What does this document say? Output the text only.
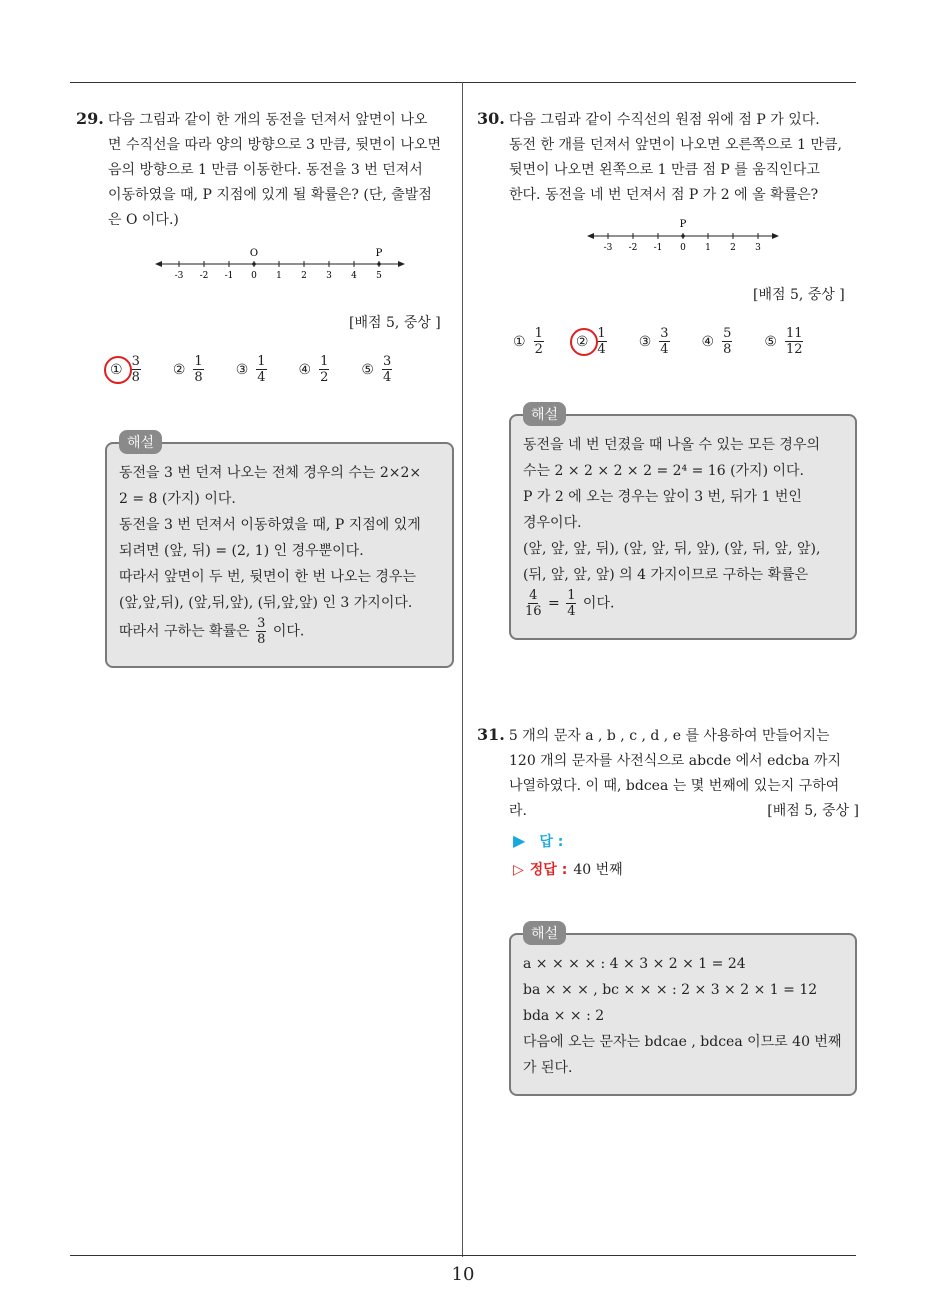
10
29. 다음 그림과 같이 한 개의 동전을 던져서 앞면이 나오
면 수직선을 따라 양의 방향으로 3 만큼, 뒷면이 나오면
음의 방향으로 1 만큼 이동한다. 동전을 3 번 던져서
이동하였을 때, P 지점에 있게 될 확률은? (단, 출발점
은 O 이다.)
-3 -2 -1 0 1 2 3 4 5
O	P
[배점 5, 중상 ]
① $\frac{3}{8}$ ② $\frac{1}{8}$ ③ $\frac{1}{4}$ ④ $\frac{1}{2}$ ⑤ $\frac{3}{4}$
해설
동전을 3 번 던져 나오는 전체 경우의 수는 2×2×
2 = 8 (가지) 이다.
동전을 3 번 던져서 이동하였을 때, P 지점에 있게
되려면 (앞, 뒤) = (2, 1) 인 경우뿐이다.
따라서 앞면이 두 번, 뒷면이 한 번 나오는 경우는
(앞,앞,뒤), (앞,뒤,앞), (뒤,앞,앞) 인 3 가지이다.
따라서 구하는 확률은 $\frac{3}{8}$ 이다.
30. 다음 그림과 같이 수직선의 원점 위에 점 P 가 있다.
동전 한 개를 던져서 앞면이 나오면 오른쪽으로 1 만큼,
뒷면이 나오면 왼쪽으로 1 만큼 점 P 를 움직인다고
한다. 동전을 네 번 던져서 점 P 가 2 에 올 확률은?
-3 -2 -1 0 1 2 3
P
[배점 5, 중상 ]
① $\frac{1}{2}$ ② $\frac{1}{4}$ ③ $\frac{3}{4}$ ④ $\frac{5}{8}$ ⑤ $\frac{11}{12}$
해설
동전을 네 번 던졌을 때 나올 수 있는 모든 경우의
수는 2 × 2 × 2 × 2 = 2⁴ = 16 (가지) 이다.
P 가 2 에 오는 경우는 앞이 3 번, 뒤가 1 번인
경우이다.
(앞, 앞, 앞, 뒤), (앞, 앞, 뒤, 앞), (앞, 뒤, 앞, 앞),
(뒤, 앞, 앞, 앞) 의 4 가지이므로 구하는 확률은
$\frac{4}{16} = \frac{1}{4}$ 이다.
31. 5 개의 문자 a , b , c , d , e 를 사용하여 만들어지는
120 개의 문자를 사전식으로 abcde 에서 edcba 까지
나열하였다. 이 때, bdcea 는 몇 번째에 있는지 구하여
라.	[배점 5, 중상 ]
▶ 답 :
▷ 정답 : 40 번째
해설
a × × × × : 4 × 3 × 2 × 1 = 24
ba × × × , bc × × × : 2 × 3 × 2 × 1 = 12
bda × × : 2
다음에 오는 문자는 bdcae , bdcea 이므로 40 번째
가 된다.
